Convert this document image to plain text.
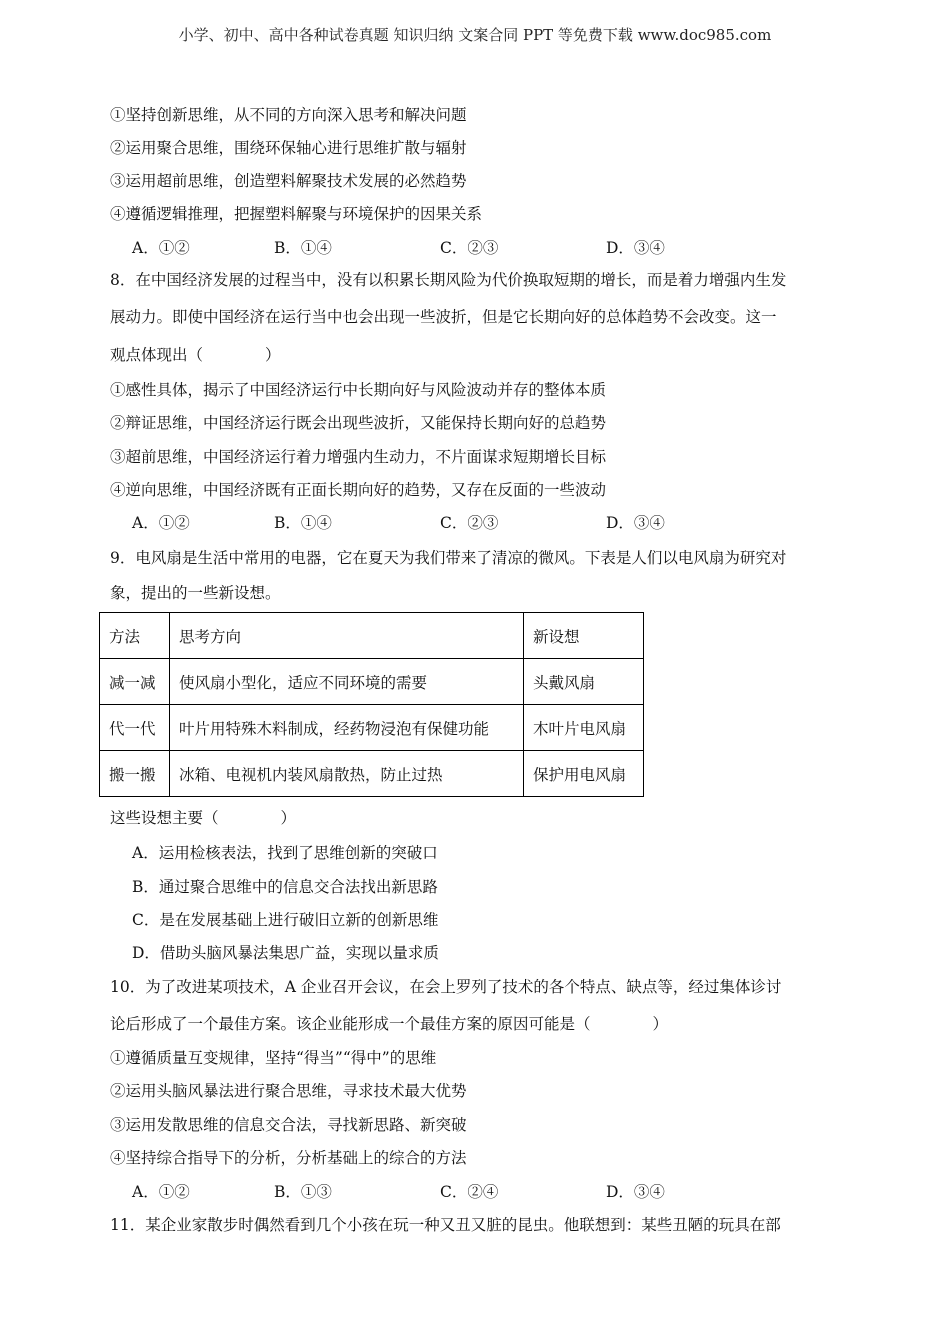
小学、初中、高中各种试卷真题 知识归纳 文案合同 PPT 等免费下载 www.doc985.com
①坚持创新思维，从不同的方向深入思考和解决问题
②运用聚合思维，围绕环保轴心进行思维扩散与辐射
③运用超前思维，创造塑料解聚技术发展的必然趋势
④遵循逻辑推理，把握塑料解聚与环境保护的因果关系
A．①②	B．①④	C．②③	D．③④
8．在中国经济发展的过程当中，没有以积累长期风险为代价换取短期的增长，而是着力增强内生发
展动力。即使中国经济在运行当中也会出现一些波折，但是它长期向好的总体趋势不会改变。这一
观点体现出（　　　　）
①感性具体，揭示了中国经济运行中长期向好与风险波动并存的整体本质
②辩证思维，中国经济运行既会出现些波折，又能保持长期向好的总趋势
③超前思维，中国经济运行着力增强内生动力，不片面谋求短期增长目标
④逆向思维，中国经济既有正面长期向好的趋势，又存在反面的一些波动
A．①②	B．①④	C．②③	D．③④
9．电风扇是生活中常用的电器，它在夏天为我们带来了清凉的微风。下表是人们以电风扇为研究对
象，提出的一些新设想。
方法	思考方向	新设想
减一减	使风扇小型化，适应不同环境的需要	头戴风扇
代一代	叶片用特殊木料制成，经药物浸泡有保健功能	木叶片电风扇
搬一搬	冰箱、电视机内装风扇散热，防止过热	保护用电风扇
这些设想主要（　　　　）
A．运用检核表法，找到了思维创新的突破口
B．通过聚合思维中的信息交合法找出新思路
C．是在发展基础上进行破旧立新的创新思维
D．借助头脑风暴法集思广益，实现以量求质
10．为了改进某项技术，A 企业召开会议，在会上罗列了技术的各个特点、缺点等，经过集体诊讨
论后形成了一个最佳方案。该企业能形成一个最佳方案的原因可能是（　　　　）
①遵循质量互变规律，坚持“得当”“得中”的思维
②运用头脑风暴法进行聚合思维，寻求技术最大优势
③运用发散思维的信息交合法，寻找新思路、新突破
④坚持综合指导下的分析，分析基础上的综合的方法
A．①②	B．①③	C．②④	D．③④
11．某企业家散步时偶然看到几个小孩在玩一种又丑又脏的昆虫。他联想到：某些丑陋的玩具在部
